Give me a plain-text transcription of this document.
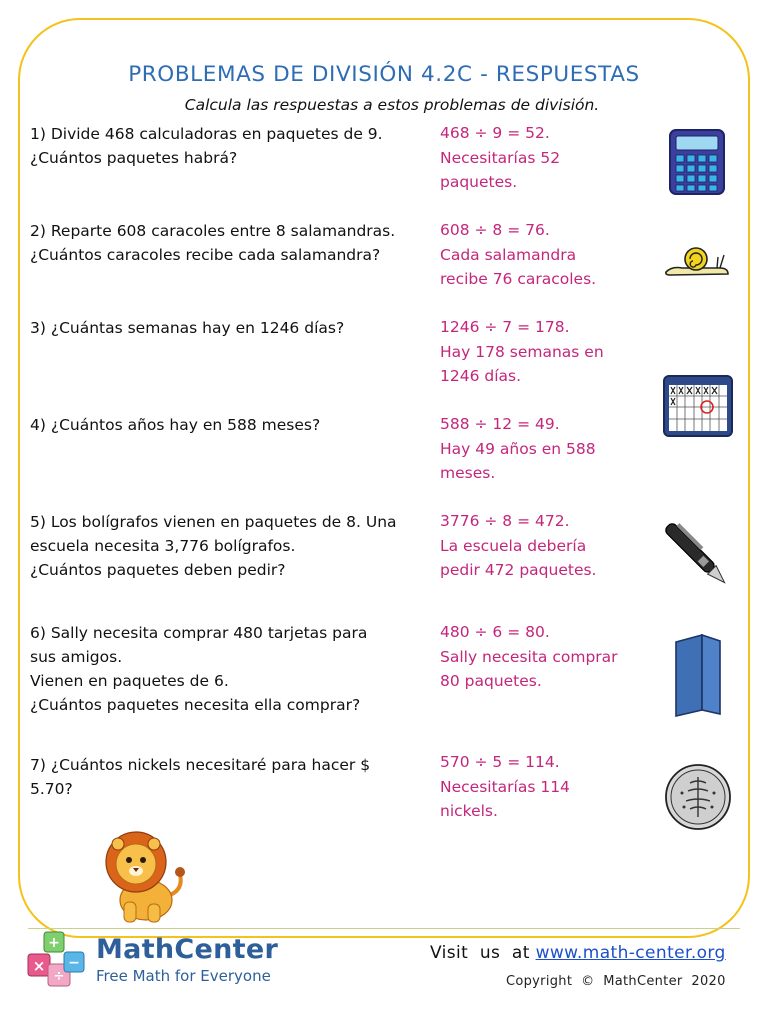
PROBLEMAS DE DIVISIÓN 4.2C - RESPUESTAS
Calcula las respuestas a estos problemas de división.
1) Divide 468 calculadoras en paquetes de 9.
¿Cuántos paquetes habrá?
468 ÷ 9 = 52.
Necesitarías 52
paquetes.
2) Reparte 608 caracoles entre 8 salamandras.
¿Cuántos caracoles recibe cada salamandra?
608 ÷ 8 = 76.
Cada salamandra
recibe 76 caracoles.
3) ¿Cuántas semanas hay en 1246 días?	1246 ÷ 7 = 178.
Hay 178 semanas en
1246 días.
4) ¿Cuántos años hay en 588 meses?	588 ÷ 12 = 49.
Hay 49 años en 588
meses.
5) Los bolígrafos vienen en paquetes de 8. Una
escuela necesita 3,776 bolígrafos.
¿Cuántos paquetes deben pedir?
3776 ÷ 8 = 472.
La escuela debería
pedir 472 paquetes.
6) Sally necesita comprar 480 tarjetas para
sus amigos.
Vienen en paquetes de 6.
¿Cuántos paquetes necesita ella comprar?
480 ÷ 6 = 80.
Sally necesita comprar
80 paquetes.
7) ¿Cuántos nickels necesitaré para hacer $
5.70?
570 ÷ 5 = 114.
Necesitarías 114
nickels.
+
×
÷
− MathCenter
Free Math for Everyone
Visit  us  at www.math-center.org
Copyright  ©  MathCenter  2020
